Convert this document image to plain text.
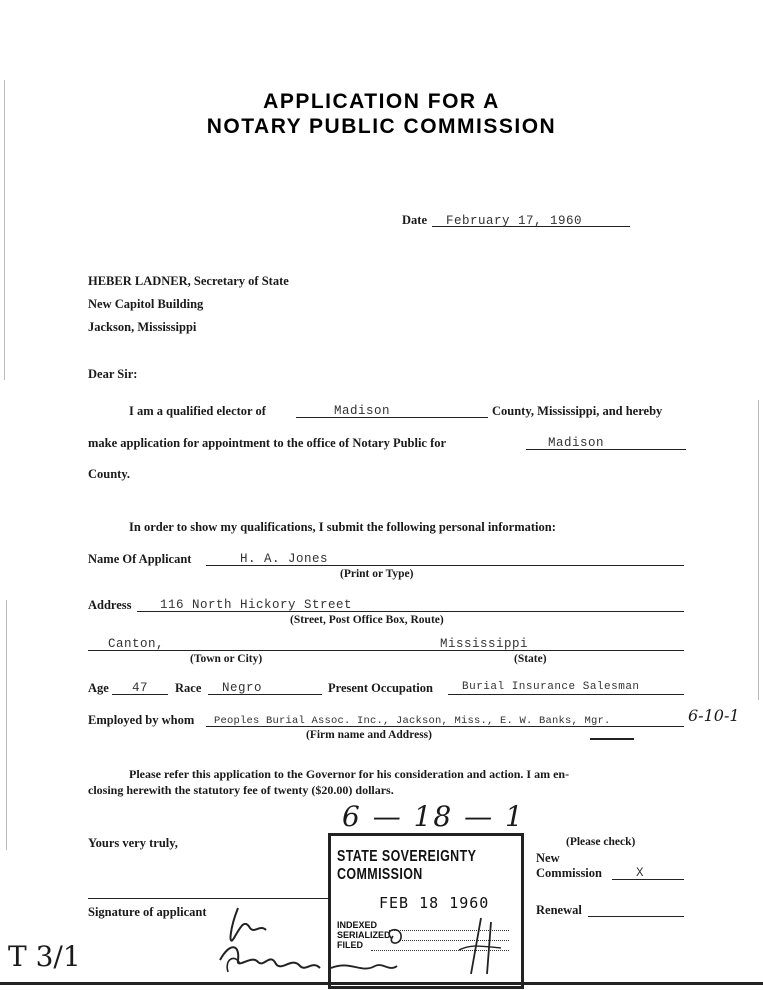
APPLICATION FOR A
NOTARY PUBLIC COMMISSION
Date February 17, 1960
HEBER LADNER, Secretary of State
New Capitol Building
Jackson, Mississippi
Dear Sir:
I am a qualified elector of	Madison	County, Mississippi, and hereby
make application for appointment to the office of Notary Public for	Madison
County.
In order to show my qualifications, I submit the following personal information:
Name Of Applicant	H. A. Jones
(Print or Type)
Address 116 North Hickory Street
(Street, Post Office Box, Route)
Canton,	Mississippi
(Town or City)	(State)
Age 47 Race Negro	Present Occupation	Burial Insurance Salesman
Employed by whom Peoples Burial Assoc. Inc., Jackson, Miss., E. W. Banks, Mgr.	6-10-1
(Firm name and Address)
Please refer this application to the Governor for his consideration and action. I am en-
closing herewith the statutory fee of twenty ($20.00) dollars.
Yours very truly,
Signature of applicant
(Please check)
New
Commission	X
Renewal
6 — 18 — 1
STATE SOVEREIGNTY COMMISSION
FEB 18 1960
INDEXED
SERIALIZED
FILED
T 3/1
